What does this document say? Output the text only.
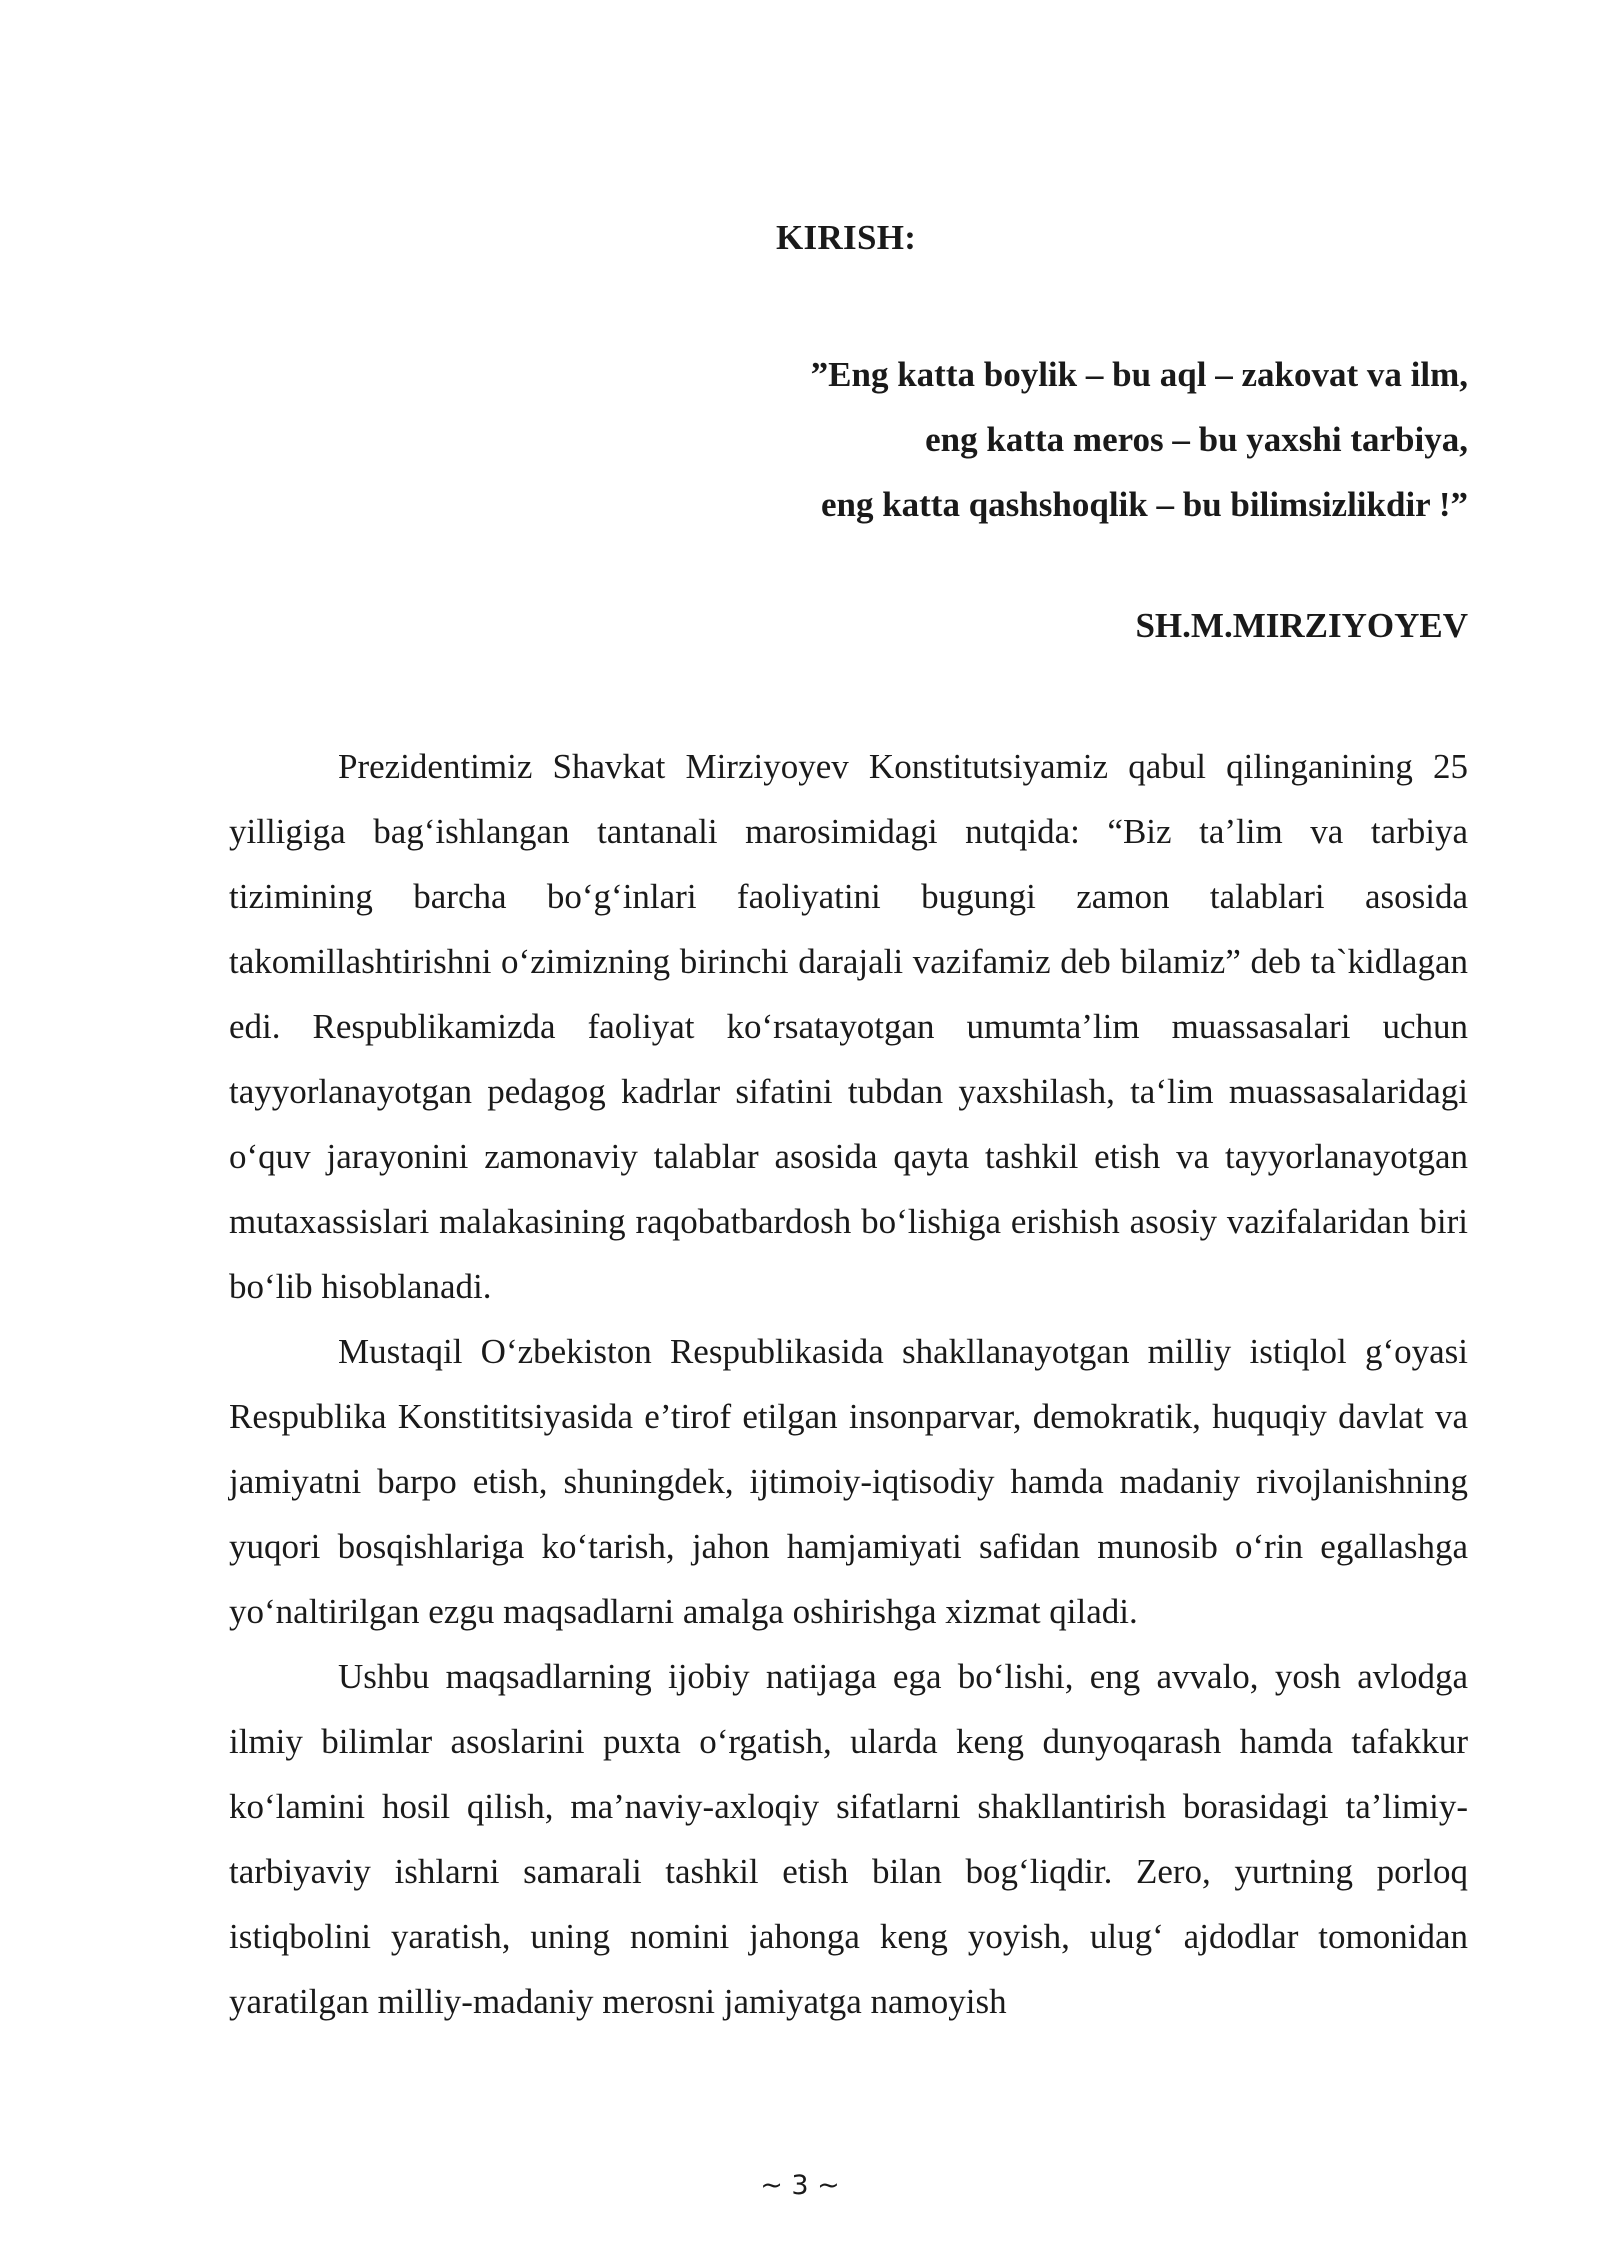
KIRISH:
”Eng katta boylik – bu aql – zakovat va ilm,
eng katta meros – bu yaxshi tarbiya,
eng katta qashshoqlik – bu bilimsizlikdir !”
SH.M.MIRZIYOYEV

Prezidentimiz Shavkat Mirziyoyev Konstitutsiyamiz qabul qilinganining 25 yilligiga bag‘ishlangan tantanali marosimidagi nutqida: “Biz ta’lim va tarbiya tizimining barcha bo‘g‘inlari faoliyatini bugungi zamon talablari asosida takomillashtirishni o‘zimizning birinchi darajali vazifamiz deb bilamiz” deb ta`kidlagan edi. Respublikamizda faoliyat ko‘rsatayotgan umumta’lim muassasalari uchun tayyorlanayotgan pedagog kadrlar sifatini tubdan yaxshilash, ta‘lim muassasalaridagi o‘quv jarayonini zamonaviy talablar asosida qayta tashkil etish va tayyorlanayotgan mutaxassislari malakasining raqobatbardosh bo‘lishiga erishish asosiy vazifalaridan biri bo‘lib hisoblanadi.

Mustaqil O‘zbekiston Respublikasida shakllanayotgan milliy istiqlol g‘oyasi Respublika Konstititsiyasida e’tirof etilgan insonparvar, demokratik, huquqiy davlat va jamiyatni barpo etish, shuningdek, ijtimoiy-iqtisodiy hamda madaniy rivojlanishning yuqori bosqishlariga ko‘tarish, jahon hamjamiyati safidan munosib o‘rin egallashga yo‘naltirilgan ezgu maqsadlarni amalga oshirishga xizmat qiladi.

Ushbu maqsadlarning ijobiy natijaga ega bo‘lishi, eng avvalo, yosh avlodga ilmiy bilimlar asoslarini puxta o‘rgatish, ularda keng dunyoqarash hamda tafakkur ko‘lamini hosil qilish, ma’naviy-axloqiy sifatlarni shakllantirish borasidagi ta’limiy-tarbiyaviy ishlarni samarali tashkil etish bilan bog‘liqdir. Zero, yurtning porloq istiqbolini yaratish, uning nomini jahonga keng yoyish, ulug‘ ajdodlar tomonidan yaratilgan milliy-madaniy merosni jamiyatga namoyish

~ 3 ~
